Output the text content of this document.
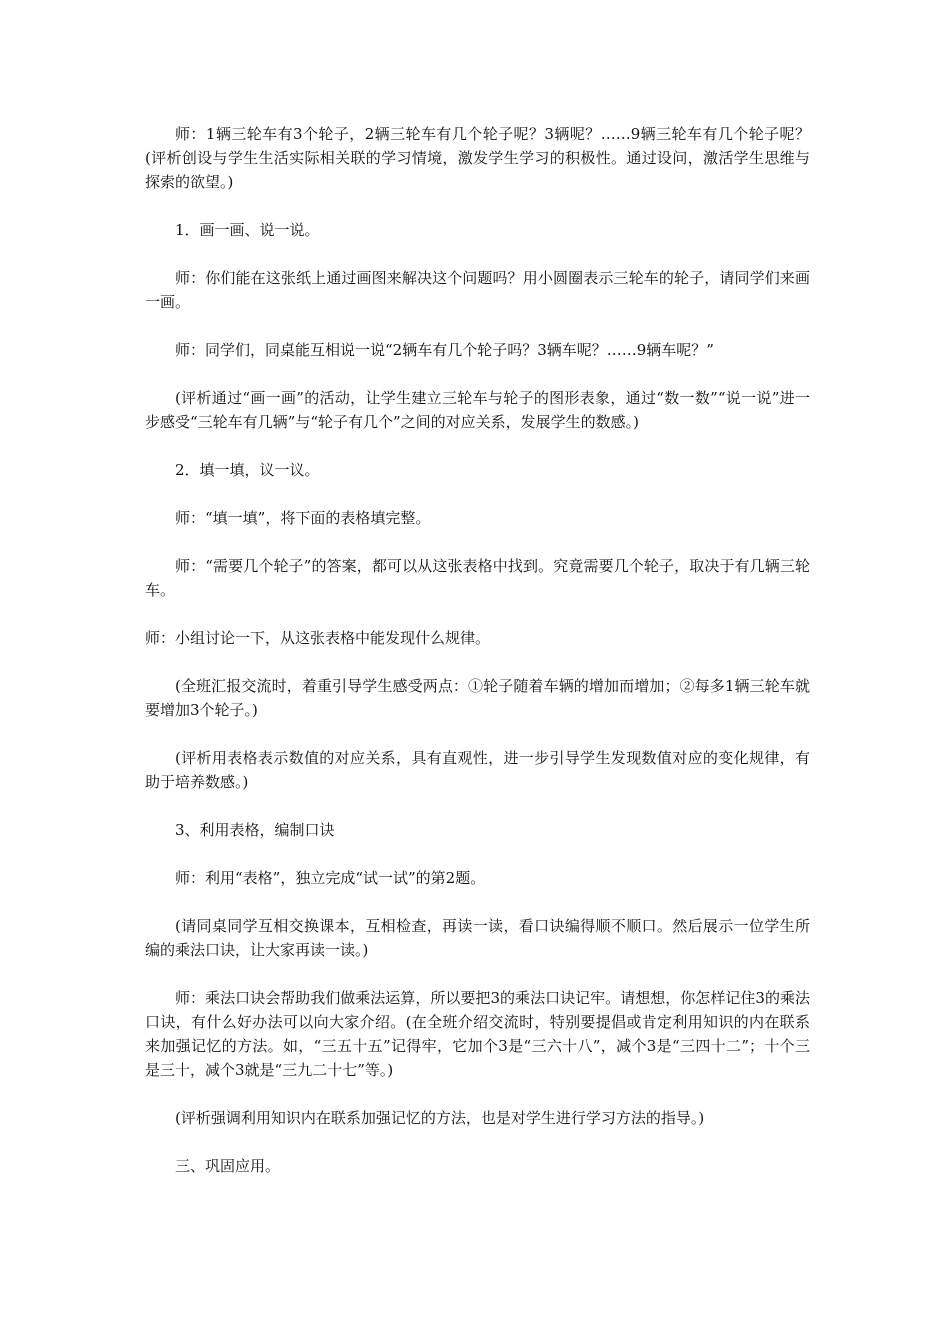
师：1辆三轮车有3个轮子，2辆三轮车有几个轮子呢？3辆呢？……9辆三轮车有几个轮子呢？(评析创设与学生生活实际相关联的学习情境，激发学生学习的积极性。通过设问，激活学生思维与探索的欲望。)

1．画一画、说一说。

师：你们能在这张纸上通过画图来解决这个问题吗？用小圆圈表示三轮车的轮子，请同学们来画一画。

师：同学们，同桌能互相说一说“2辆车有几个轮子吗？3辆车呢？……9辆车呢？”

(评析通过“画一画”的活动，让学生建立三轮车与轮子的图形表象，通过“数一数”“说一说”进一步感受“三轮车有几辆”与“轮子有几个”之间的对应关系，发展学生的数感。)

2．填一填，议一议。

师：“填一填”，将下面的表格填完整。

师：“需要几个轮子”的答案，都可以从这张表格中找到。究竟需要几个轮子，取决于有几辆三轮车。

师：小组讨论一下，从这张表格中能发现什么规律。

(全班汇报交流时，着重引导学生感受两点：①轮子随着车辆的增加而增加；②每多1辆三轮车就要增加3个轮子。)

(评析用表格表示数值的对应关系，具有直观性，进一步引导学生发现数值对应的变化规律，有助于培养数感。)

3、利用表格，编制口诀

师：利用“表格”，独立完成“试一试”的第2题。

(请同桌同学互相交换课本，互相检查，再读一读，看口诀编得顺不顺口。然后展示一位学生所编的乘法口诀，让大家再读一读。)

师：乘法口诀会帮助我们做乘法运算，所以要把3的乘法口诀记牢。请想想，你怎样记住3的乘法口诀，有什么好办法可以向大家介绍。(在全班介绍交流时，特别要提倡或肯定利用知识的内在联系来加强记忆的方法。如，“三五十五”记得牢，它加个3是“三六十八”，减个3是“三四十二”；十个三是三十，减个3就是“三九二十七”等。)

(评析强调利用知识内在联系加强记忆的方法，也是对学生进行学习方法的指导。)

三、巩固应用。
